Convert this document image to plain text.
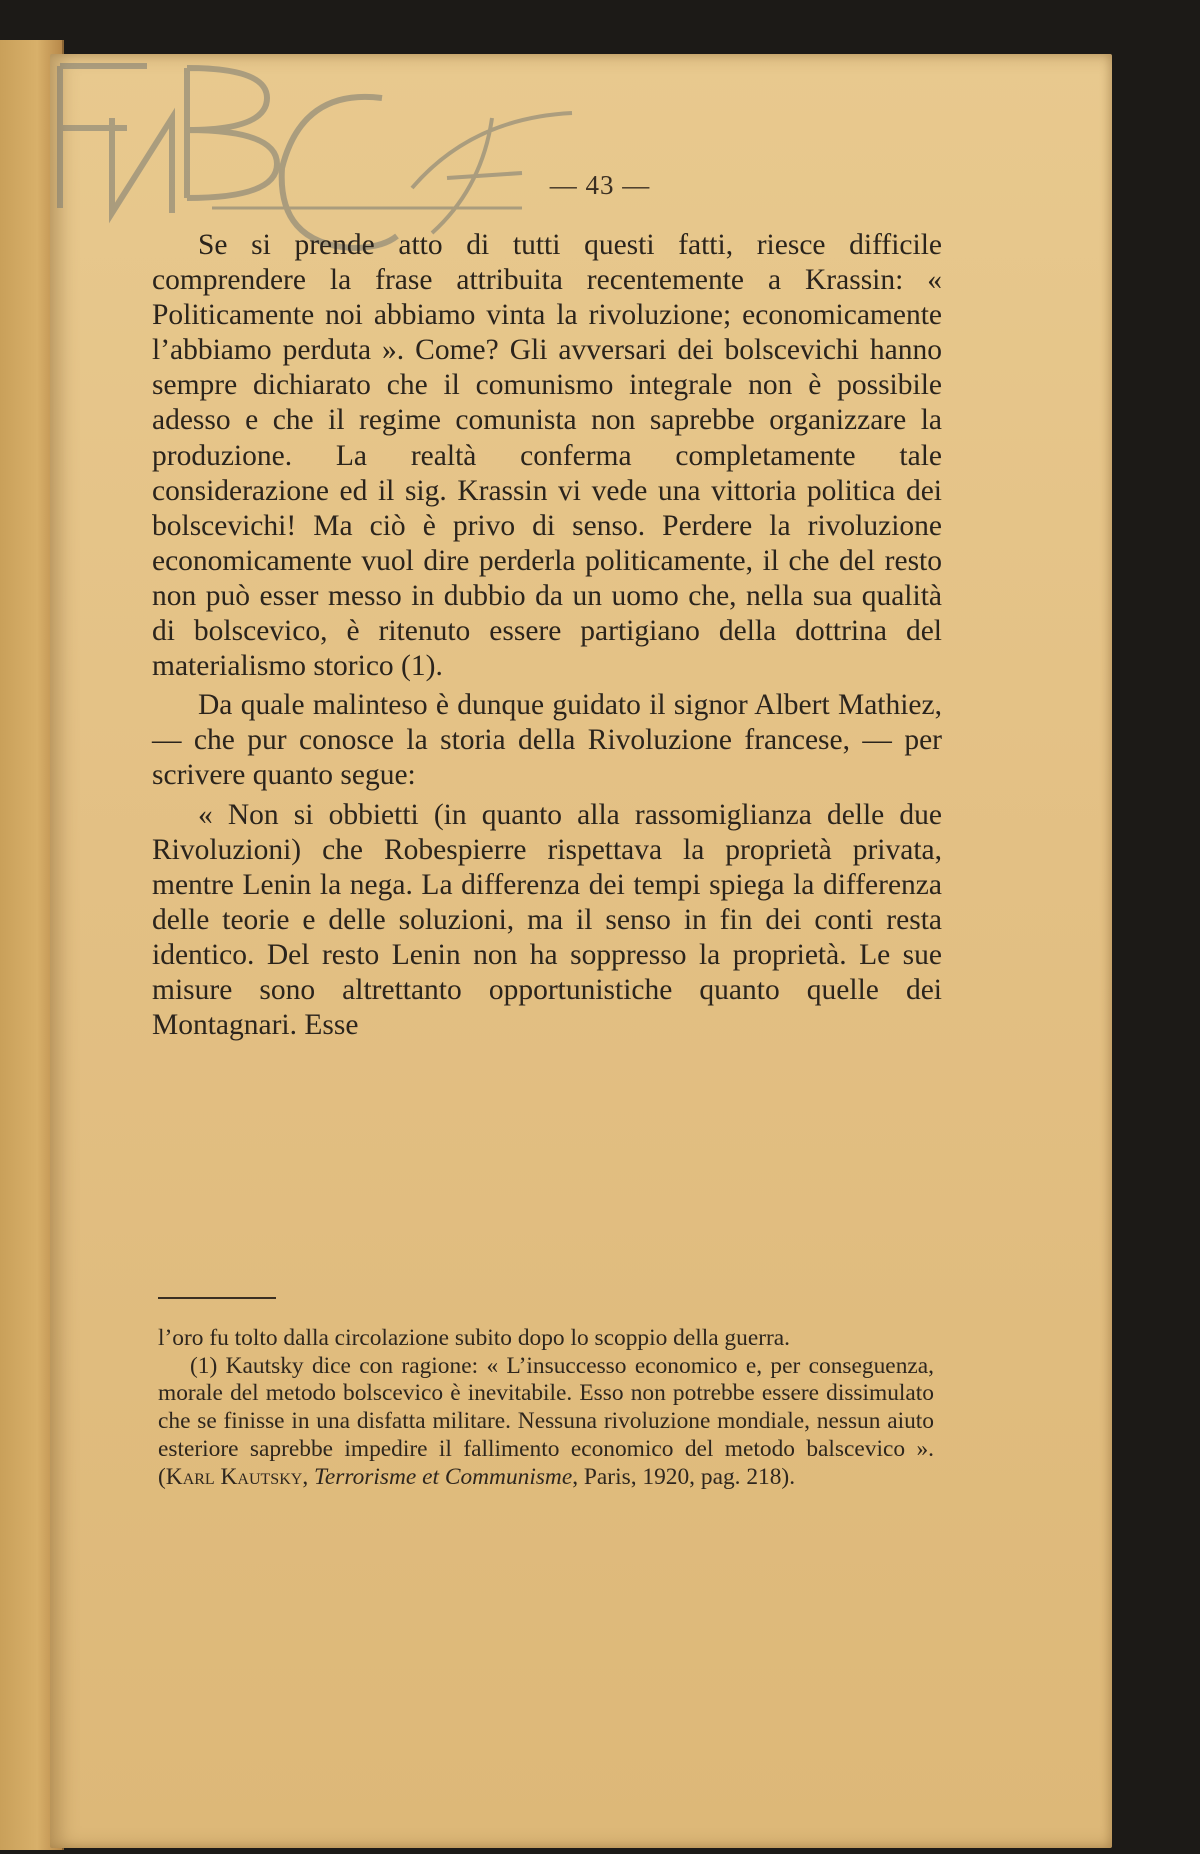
— 43 —

Se si prende atto di tutti questi fatti, riesce difficile comprendere la frase attribuita recentemente a Krassin: « Politicamente noi abbiamo vinta la rivoluzione; economicamente l’abbiamo perduta ». Come? Gli avversari dei bolscevichi hanno sempre dichiarato che il comunismo integrale non è possibile adesso e che il regime comunista non saprebbe organizzare la produzione. La realtà conferma completamente tale considerazione ed il sig. Krassin vi vede una vittoria politica dei bolscevichi! Ma ciò è privo di senso. Perdere la rivoluzione economicamente vuol dire perderla politicamente, il che del resto non può esser messo in dubbio da un uomo che, nella sua qualità di bolscevico, è ritenuto essere partigiano della dottrina del materialismo storico (1).

Da quale malinteso è dunque guidato il signor Albert Mathiez, — che pur conosce la storia della Rivoluzione francese, — per scrivere quanto segue:

« Non si obbietti (in quanto alla rassomiglianza delle due Rivoluzioni) che Robespierre rispettava la proprietà privata, mentre Lenin la nega. La differenza dei tempi spiega la differenza delle teorie e delle soluzioni, ma il senso in fin dei conti resta identico. Del resto Lenin non ha soppresso la proprietà. Le sue misure sono altrettanto opportunistiche quanto quelle dei Montagnari. Esse

l’oro fu tolto dalla circolazione subito dopo lo scoppio della guerra.

(1) Kautsky dice con ragione: « L’insuccesso economico e, per conseguenza, morale del metodo bolscevico è inevitabile. Esso non potrebbe essere dissimulato che se finisse in una disfatta militare. Nessuna rivoluzione mondiale, nessun aiuto esteriore saprebbe impedire il fallimento economico del metodo balscevico ». (Karl Kautsky, Terrorisme et Communisme, Paris, 1920, pag. 218).
